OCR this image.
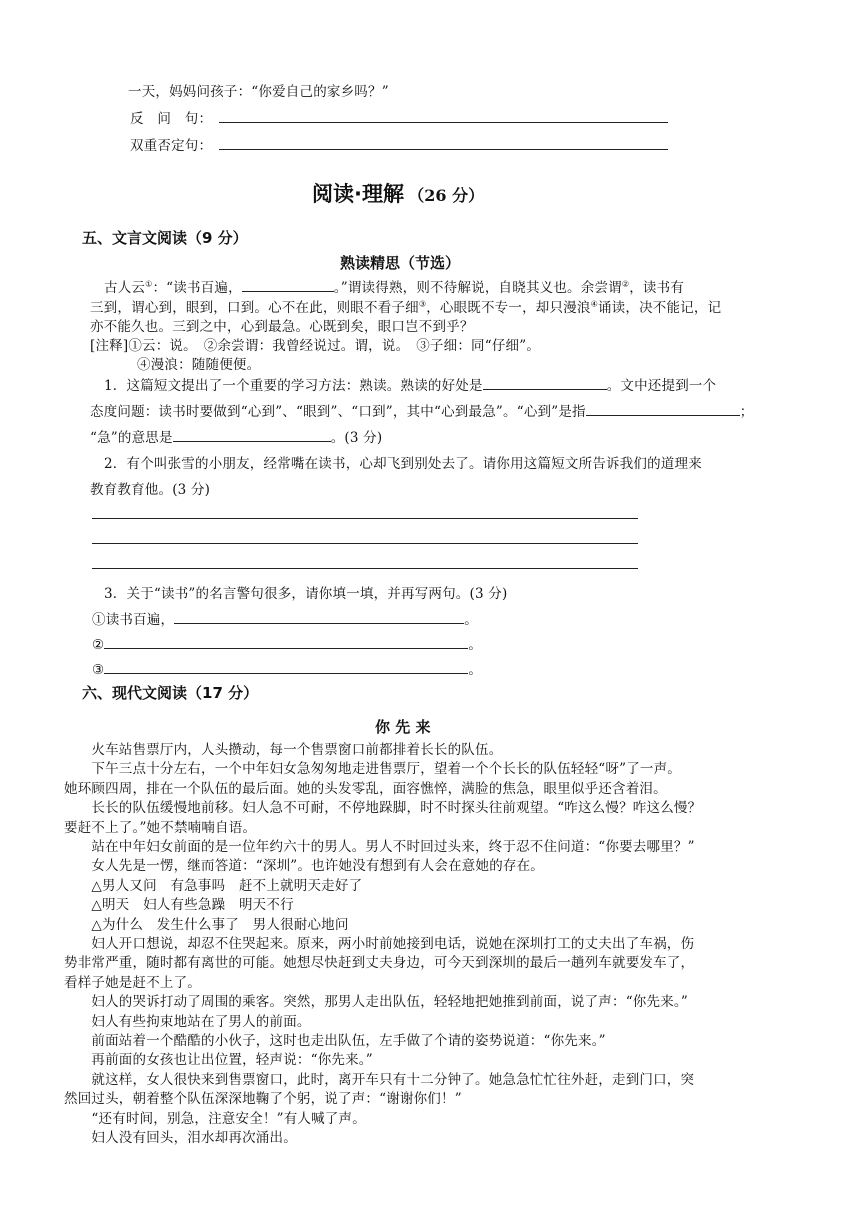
一天，妈妈问孩子：“你爱自己的家乡吗？”
反　问　句：
双重否定句：
阅读·理解 （26 分）
五、文言文阅读（9 分）
熟读精思（节选）
古人云①：“读书百遍，	。”谓读得熟，则不待解说，自晓其义也。余尝谓②，读书有
三到，谓心到，眼到，口到。心不在此，则眼不看子细③，心眼既不专一，却只漫浪④诵读，决不能记，记
亦不能久也。三到之中，心到最急。心既到矣，眼口岂不到乎？
[注释]①云：说。　②余尝谓：我曾经说过。谓，说。　③子细：同“仔细”。
④漫浪：随随便便。
1．这篇短文提出了一个重要的学习方法：熟读。熟读的好处是	。文中还提到一个
态度问题：读书时要做到“心到”、“眼到”、“口到”，其中“心到最急”。“心到”是指	；
“急”的意思是	。(3 分)
2．有个叫张雪的小朋友，经常嘴在读书，心却飞到别处去了。请你用这篇短文所告诉我们的道理来
教育教育他。(3 分)
3．关于“读书”的名言警句很多，请你填一填，并再写两句。(3 分)
①读书百遍，	。
②	。
③	。
六、现代文阅读（17 分）
你 先 来
　　火车站售票厅内，人头攒动，每一个售票窗口前都排着长长的队伍。
　　下午三点十分左右，一个中年妇女急匆匆地走进售票厅，望着一个个长长的队伍轻轻“呀”了一声。
她环顾四周，排在一个队伍的最后面。她的头发零乱，面容憔悴，满脸的焦急，眼里似乎还含着泪。
　　长长的队伍缓慢地前移。妇人急不可耐，不停地跺脚，时不时探头往前观望。“咋这么慢？咋这么慢？
要赶不上了。”她不禁喃喃自语。
　　站在中年妇女前面的是一位年约六十的男人。男人不时回过头来，终于忍不住问道：“你要去哪里？”
　　女人先是一愣，继而答道：“深圳”。也许她没有想到有人会在意她的存在。
　　△男人又问　有急事吗　赶不上就明天走好了
　　△明天　妇人有些急躁　明天不行
　　△为什么　发生什么事了　男人很耐心地问
　　妇人开口想说，却忍不住哭起来。原来，两小时前她接到电话，说她在深圳打工的丈夫出了车祸，伤
势非常严重，随时都有离世的可能。她想尽快赶到丈夫身边，可今天到深圳的最后一趟列车就要发车了，
看样子她是赶不上了。
　　妇人的哭诉打动了周围的乘客。突然，那男人走出队伍，轻轻地把她推到前面，说了声：“你先来。”
　　妇人有些拘束地站在了男人的前面。
　　前面站着一个酷酷的小伙子，这时也走出队伍，左手做了个请的姿势说道：“你先来。”
　　再前面的女孩也让出位置，轻声说：“你先来。”
　　就这样，女人很快来到售票窗口，此时，离开车只有十二分钟了。她急急忙忙往外赶，走到门口，突
然回过头，朝着整个队伍深深地鞠了个躬，说了声：“谢谢你们！”
　　“还有时间，别急，注意安全！”有人喊了声。
　　妇人没有回头，泪水却再次涌出。
